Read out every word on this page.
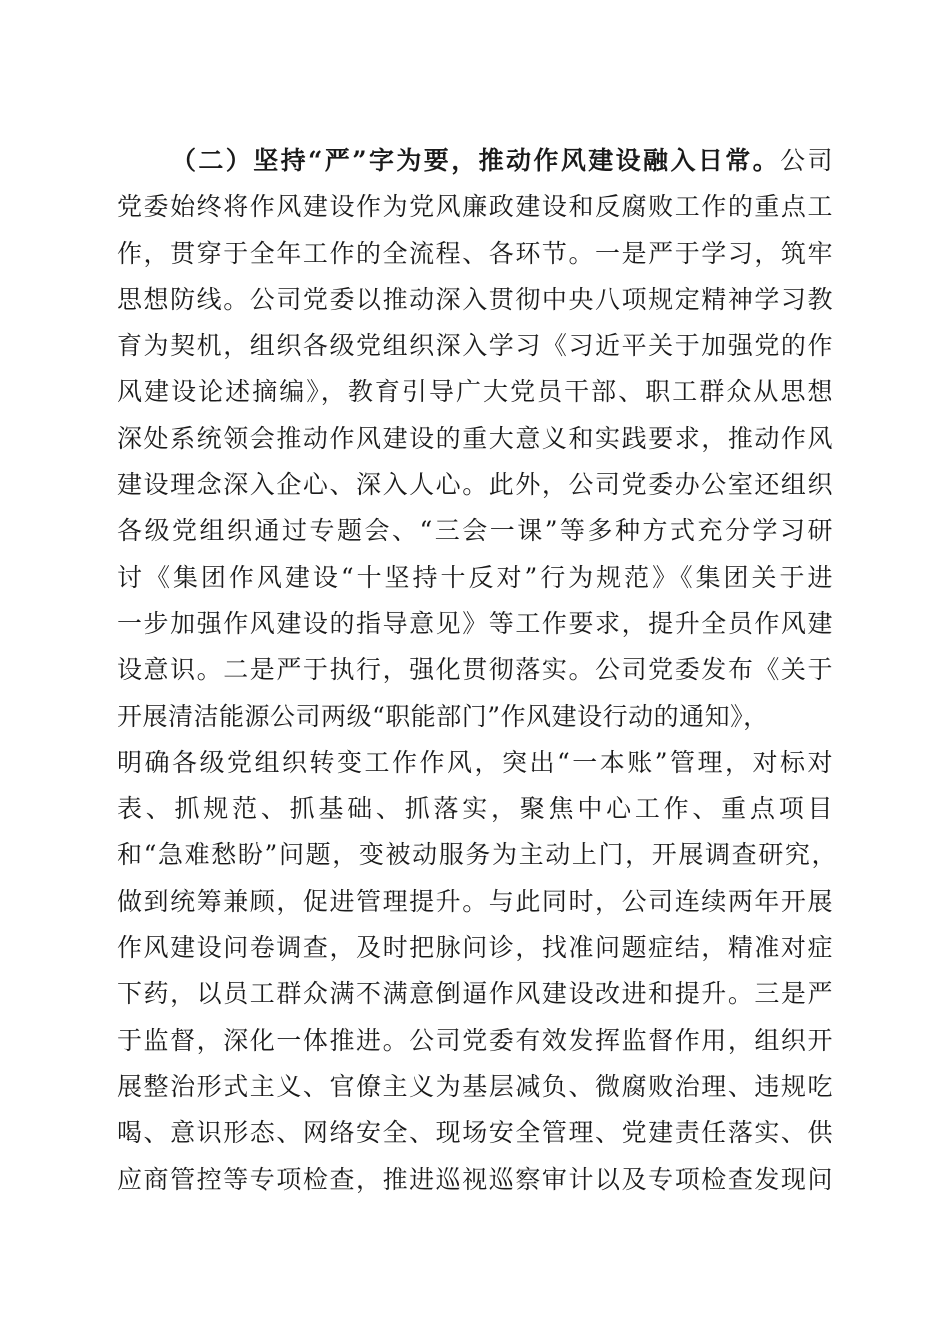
（二）坚持“严”字为要，推动作风建设融入日常。公司
党委始终将作风建设作为党风廉政建设和反腐败工作的重点工
作，贯穿于全年工作的全流程、各环节。一是严于学习，筑牢
思想防线。公司党委以推动深入贯彻中央八项规定精神学习教
育为契机，组织各级党组织深入学习《习近平关于加强党的作
风建设论述摘编》，教育引导广大党员干部、职工群众从思想
深处系统领会推动作风建设的重大意义和实践要求，推动作风
建设理念深入企心、深入人心。此外，公司党委办公室还组织
各级党组织通过专题会、“三会一课”等多种方式充分学习研
讨《集团作风建设“十坚持十反对”行为规范》《集团关于进
一步加强作风建设的指导意见》等工作要求，提升全员作风建
设意识。二是严于执行，强化贯彻落实。公司党委发布《关于
开展清洁能源公司两级“职能部门”作风建设行动的通知》，
明确各级党组织转变工作作风，突出“一本账”管理，对标对
表、抓规范、抓基础、抓落实，聚焦中心工作、重点项目
和“急难愁盼”问题，变被动服务为主动上门，开展调查研究，
做到统筹兼顾，促进管理提升。与此同时，公司连续两年开展
作风建设问卷调查，及时把脉问诊，找准问题症结，精准对症
下药，以员工群众满不满意倒逼作风建设改进和提升。三是严
于监督，深化一体推进。公司党委有效发挥监督作用，组织开
展整治形式主义、官僚主义为基层减负、微腐败治理、违规吃
喝、意识形态、网络安全、现场安全管理、党建责任落实、供
应商管控等专项检查，推进巡视巡察审计以及专项检查发现问
